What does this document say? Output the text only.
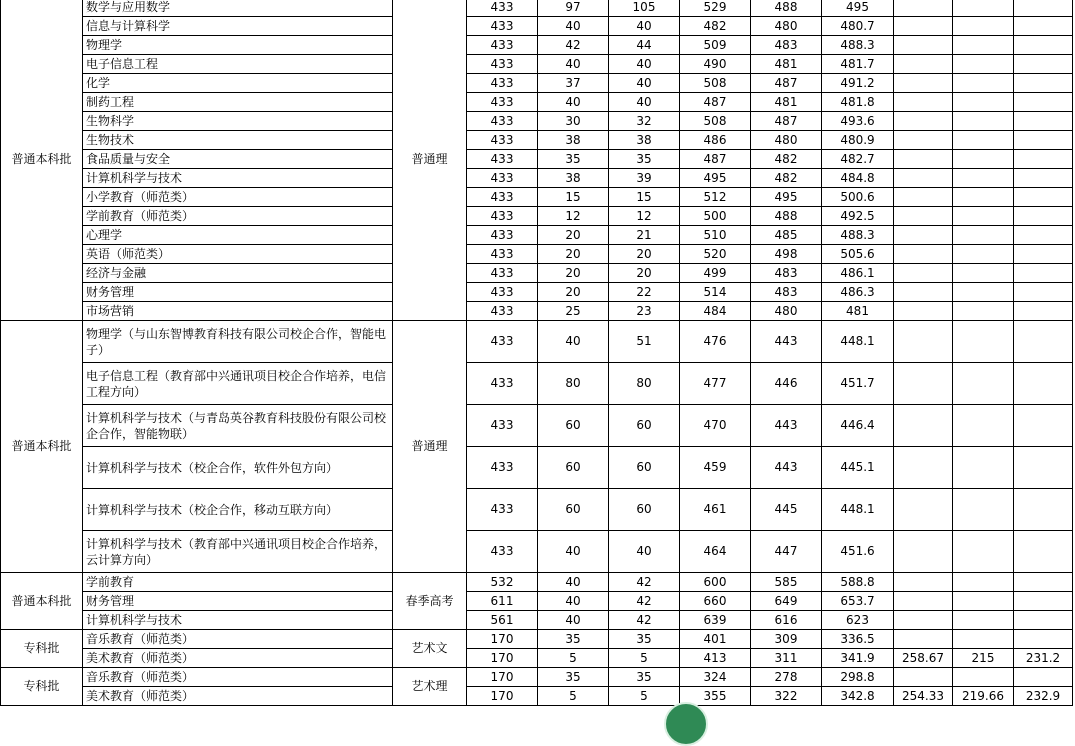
普通本科批	数学与应用数学	普通理	433	97	105	529	488	495			
	信息与计算科学		433	40	40	482	480	480.7			
	物理学		433	42	44	509	483	488.3			
	电子信息工程		433	40	40	490	481	481.7			
	化学		433	37	40	508	487	491.2			
	制药工程		433	40	40	487	481	481.8			
	生物科学		433	30	32	508	487	493.6			
	生物技术		433	38	38	486	480	480.9			
	食品质量与安全		433	35	35	487	482	482.7			
	计算机科学与技术		433	38	39	495	482	484.8			
	小学教育（师范类）		433	15	15	512	495	500.6			
	学前教育（师范类）		433	12	12	500	488	492.5			
	心理学		433	20	21	510	485	488.3			
	英语（师范类）		433	20	20	520	498	505.6			
	经济与金融		433	20	20	499	483	486.1			
	财务管理		433	20	22	514	483	486.3			
	市场营销		433	25	23	484	480	481			
普通本科批	物理学（与山东智博教育科技有限公司校企合作，智能电子）	普通理	433	40	51	476	443	448.1			
	电子信息工程（教育部中兴通讯项目校企合作培养，电信工程方向）		433	80	80	477	446	451.7			
	计算机科学与技术（与青岛英谷教育科技股份有限公司校企合作，智能物联）		433	60	60	470	443	446.4			
	计算机科学与技术（校企合作，软件外包方向）		433	60	60	459	443	445.1			
	计算机科学与技术（校企合作，移动互联方向）		433	60	60	461	445	448.1			
	计算机科学与技术（教育部中兴通讯项目校企合作培养，云计算方向）		433	40	40	464	447	451.6			
普通本科批	学前教育	春季高考	532	40	42	600	585	588.8			
	财务管理		611	40	42	660	649	653.7			
	计算机科学与技术		561	40	42	639	616	623			
专科批	音乐教育（师范类）	艺术文	170	35	35	401	309	336.5			
	美术教育（师范类）		170	5	5	413	311	341.9	258.67	215	231.2
专科批	音乐教育（师范类）	艺术理	170	35	35	324	278	298.8			
	美术教育（师范类）		170	5	5	355	322	342.8	254.33	219.66	232.9
